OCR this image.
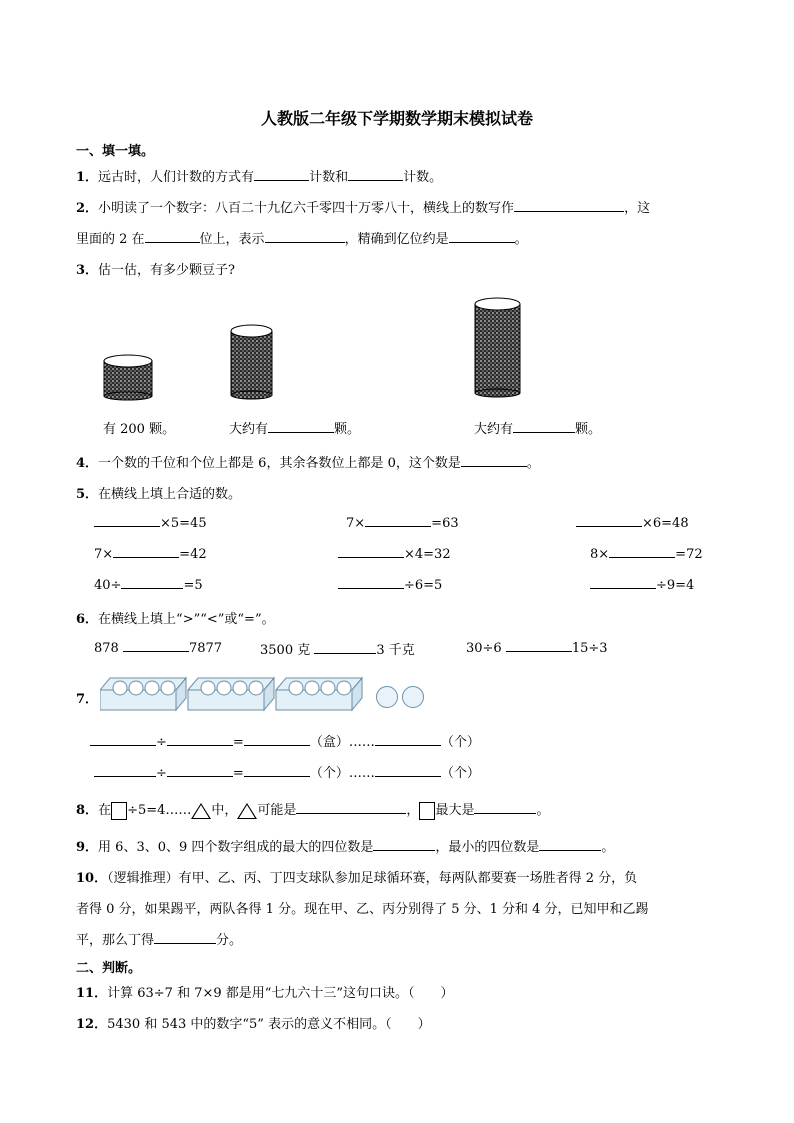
人教版二年级下学期数学期末模拟试卷
一、填一填。
1．远古时，人们计数的方式有	计数和	计数。
2．小明读了一个数字：八百二十九亿六千零四十万零八十，横线上的数写作	，这
里面的 2 在	位上，表示	，精确到亿位约是	。
3．估一估，有多少颗豆子?
有 200 颗。	大约有	颗。	大约有	颗。
4．一个数的千位和个位上都是 6，其余各数位上都是 0，这个数是	。
5．在横线上填上合适的数。
×5=45	7×	=63	×6=48
7×	=42	×4=32	8×	=72
40÷	=5	÷6=5	÷9=4
6．在横线上填上“>”“<”或“=”。
878	7877	3500 克	3 千克	30÷6	15÷3
7．
÷	=	（盒）……	（个）
÷	=	（个）……	（个）
8．在 ÷5=4…… 中， 可能是	， 最大是	。
9．用 6、3、0、9 四个数字组成的最大的四位数是	，最小的四位数是	。
10．（逻辑推理）有甲、乙、丙、丁四支球队参加足球循环赛，每两队都要赛一场胜者得 2 分，负
者得 0 分，如果踢平，两队各得 1 分。现在甲、乙、丙分别得了 5 分、1 分和 4 分，已知甲和乙踢
平，那么丁得	分。
二、判断。
11．计算 63÷7 和 7×9 都是用“七九六十三”这句口诀。（　　）
12．5430 和 543 中的数字“5” 表示的意义不相同。（　　）
